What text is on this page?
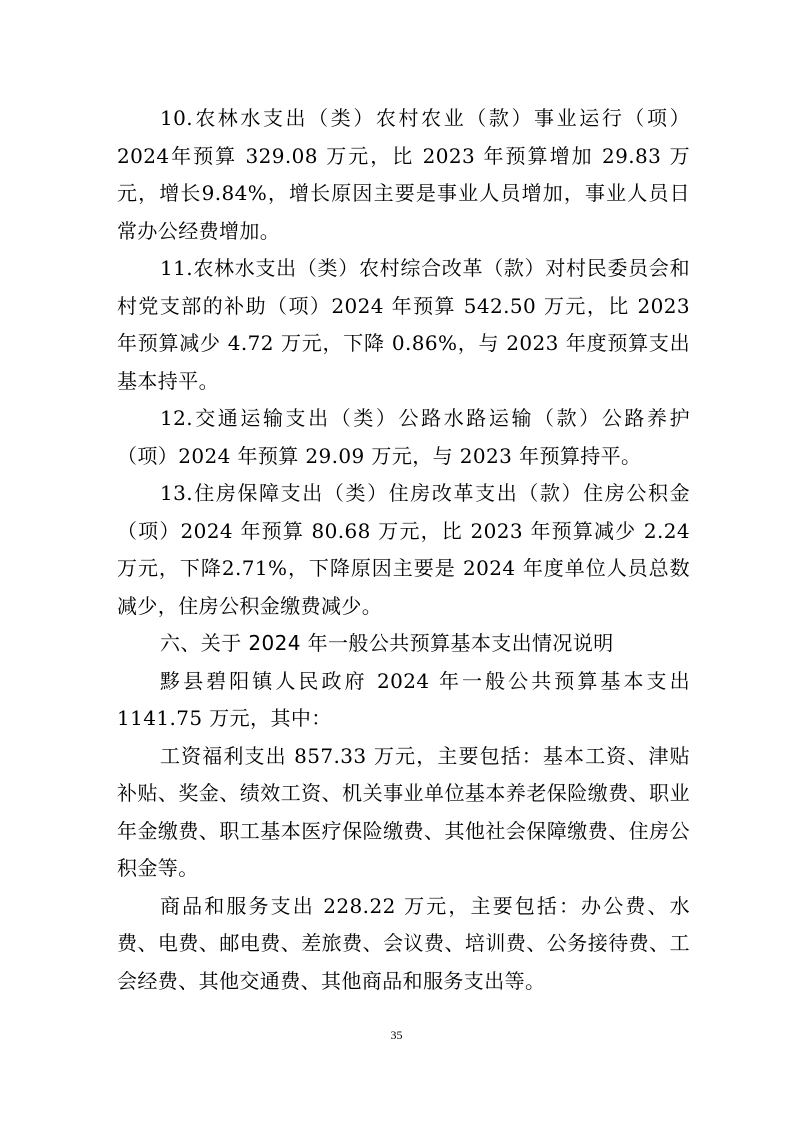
10.农林水支出（类）农村农业（款）事业运行（项）2024年预算 329.08 万元，比 2023 年预算增加 29.83 万元，增长9.84%，增长原因主要是事业人员增加，事业人员日常办公经费增加。

11.农林水支出（类）农村综合改革（款）对村民委员会和村党支部的补助（项）2024 年预算 542.50 万元，比 2023 年预算减少 4.72 万元，下降 0.86%，与 2023 年度预算支出基本持平。

12.交通运输支出（类）公路水路运输（款）公路养护（项）2024 年预算 29.09 万元，与 2023 年预算持平。

13.住房保障支出（类）住房改革支出（款）住房公积金（项）2024 年预算 80.68 万元，比 2023 年预算减少 2.24 万元，下降2.71%，下降原因主要是 2024 年度单位人员总数减少，住房公积金缴费减少。

六、关于 2024 年一般公共预算基本支出情况说明

黟县碧阳镇人民政府 2024 年一般公共预算基本支出1141.75 万元，其中：

工资福利支出 857.33 万元，主要包括：基本工资、津贴补贴、奖金、绩效工资、机关事业单位基本养老保险缴费、职业年金缴费、职工基本医疗保险缴费、其他社会保障缴费、住房公积金等。

商品和服务支出 228.22 万元，主要包括：办公费、水费、电费、邮电费、差旅费、会议费、培训费、公务接待费、工会经费、其他交通费、其他商品和服务支出等。

35
